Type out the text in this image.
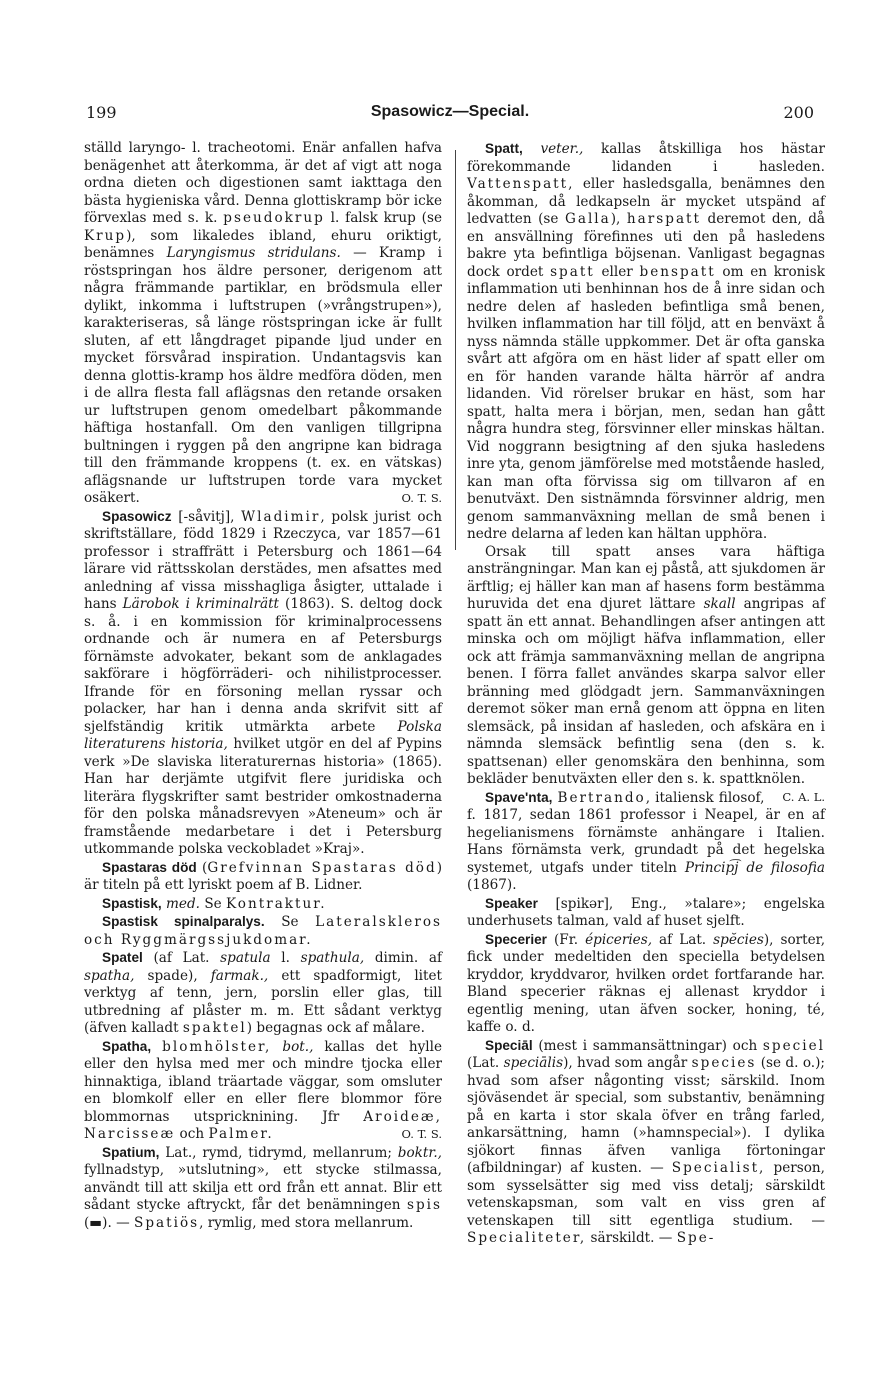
199	Spasowicz—Special.	200

ställd laryngo- l. tracheotomi. Enär anfallen hafva benägenhet att återkomma, är det af vigt att noga ordna dieten och digestionen samt iakttaga den bästa hygieniska vård. Denna glottiskramp bör icke förvexlas med s. k. pseudokrup l. falsk krup (se Krup), som likaledes ibland, ehuru oriktigt, benämnes Laryngismus stridulans. — Kramp i röstspringan hos äldre personer, derigenom att några främmande partiklar, en brödsmula eller dylikt, inkomma i luftstrupen (»vrångstrupen»), karakteriseras, så länge röstspringan icke är fullt sluten, af ett långdraget pipande ljud under en mycket försvårad inspiration. Undantagsvis kan denna glottis-kramp hos äldre medföra döden, men i de allra flesta fall aflägsnas den retande orsaken ur luftstrupen genom omedelbart påkommande häftiga hostanfall. Om den vanligen tillgripna bultningen i ryggen på den angripne kan bidraga till den främmande kroppens (t. ex. en vätskas) aflägsnande ur luftstrupen torde vara mycket osäkert.	O. T. S.

Spasowicz [-såvitj], Wladimir, polsk jurist och skriftställare, född 1829 i Rzeczyca, var 1857—61 professor i straffrätt i Petersburg och 1861—64 lärare vid rättsskolan derstädes, men afsattes med anledning af vissa misshagliga åsigter, uttalade i hans Lärobok i kriminalrätt (1863). S. deltog dock s. å. i en kommission för kriminalprocessens ordnande och är numera en af Petersburgs förnämste advokater, bekant som de anklagades sakförare i högförräderi- och nihilistprocesser. Ifrande för en försoning mellan ryssar och polacker, har han i denna anda skrifvit sitt af sjelfständig kritik utmärkta arbete Polska literaturens historia, hvilket utgör en del af Pypins verk »De slaviska literaturernas historia» (1865). Han har derjämte utgifvit flere juridiska och literära flygskrifter samt bestrider omkostnaderna för den polska månadsrevyen »Ateneum» och är framstående medarbetare i det i Petersburg utkommande polska veckobladet »Kraj».

Spastaras död (Grefvinnan Spastaras död) är titeln på ett lyriskt poem af B. Lidner.

Spastisk, med. Se Kontraktur.

Spastisk spinalparalys. Se Lateralskleros och Ryggmärgssjukdomar.

Spatel (af Lat. spatula l. spathula, dimin. af spatha, spade), farmak., ett spadformigt, litet verktyg af tenn, jern, porslin eller glas, till utbredning af plåster m. m. Ett sådant verktyg (äfven kalladt spaktel) begagnas ock af målare.

Spatha, blomhölster, bot., kallas det hylle eller den hylsa med mer och mindre tjocka eller hinnaktiga, ibland träartade väggar, som omsluter en blomkolf eller en eller flere blommor före blommornas utspricknining. Jfr Aroideæ, Narcisseæ och Palmer.	O. T. S.

Spatium, Lat., rymd, tidrymd, mellanrum; boktr., fyllnadstyp, »utslutning», ett stycke stilmassa, användt till att skilja ett ord från ett annat. Blir ett sådant stycke aftryckt, får det benämningen spis (▬). — Spatiös, rymlig, med stora mellanrum.

Spatt, veter., kallas åtskilliga hos hästar förekommande lidanden i hasleden. Vattenspatt, eller hasledsgalla, benämnes den åkomman, då ledkapseln är mycket utspänd af ledvatten (se Galla), harspatt deremot den, då en ansvällning förefinnes uti den på hasledens bakre yta befintliga böjsenan. Vanligast begagnas dock ordet spatt eller benspatt om en kronisk inflammation uti benhinnan hos de å inre sidan och nedre delen af hasleden befintliga små benen, hvilken inflammation har till följd, att en benväxt å nyss nämnda ställe uppkommer. Det är ofta ganska svårt att afgöra om en häst lider af spatt eller om en för handen varande hälta härrör af andra lidanden. Vid rörelser brukar en häst, som har spatt, halta mera i början, men, sedan han gått några hundra steg, försvinner eller minskas hältan. Vid noggrann besigtning af den sjuka hasledens inre yta, genom jämförelse med motstående hasled, kan man ofta förvissa sig om tillvaron af en benutväxt. Den sistnämnda försvinner aldrig, men genom sammanväxning mellan de små benen i nedre delarna af leden kan hältan upphöra.

Orsak till spatt anses vara häftiga ansträngningar. Man kan ej påstå, att sjukdomen är ärftlig; ej häller kan man af hasens form bestämma huruvida det ena djuret lättare skall angripas af spatt än ett annat. Behandlingen afser antingen att minska och om möjligt häfva inflammation, eller ock att främja sammanväxning mellan de angripna benen. I förra fallet användes skarpa salvor eller bränning med glödgadt jern. Sammanväxningen deremot söker man ernå genom att öppna en liten slemsäck, på insidan af hasleden, och afskära en i nämnda slemsäck befintlig sena (den s. k. spattsenan) eller genomskära den benhinna, som bekläder benutväxten eller den s. k. spattknölen.
C. A. L.

Spave'nta, Bertrando, italiensk filosof, f. 1817, sedan 1861 professor i Neapel, är en af hegelianismens förnämste anhängare i Italien. Hans förnämsta verk, grundadt på det hegelska systemet, utgafs under titeln Princip͡j de filosofia (1867).

Speaker [spikər], Eng., »talare»; engelska underhusets talman, vald af huset sjelft.

Specerier (Fr. épiceries, af Lat. spĕcies), sorter, fick under medeltiden den speciella betydelsen kryddor, kryddvaror, hvilken ordet fortfarande har. Bland specerier räknas ej allenast kryddor i egentlig mening, utan äfven socker, honing, té, kaffe o. d.

Speciāl (mest i sammansättningar) och speciel (Lat. speciālis), hvad som angår species (se d. o.); hvad som afser någonting visst; särskild. Inom sjöväsendet är special, som substantiv, benämning på en karta i stor skala öfver en trång farled, ankarsättning, hamn (»hamnspecial»). I dylika sjökort finnas äfven vanliga förtoningar (afbildningar) af kusten. — Specialist, person, som sysselsätter sig med viss detalj; särskildt vetenskapsman, som valt en viss gren af vetenskapen till sitt egentliga studium. — Specialiteter, särskildt. — Spe-
